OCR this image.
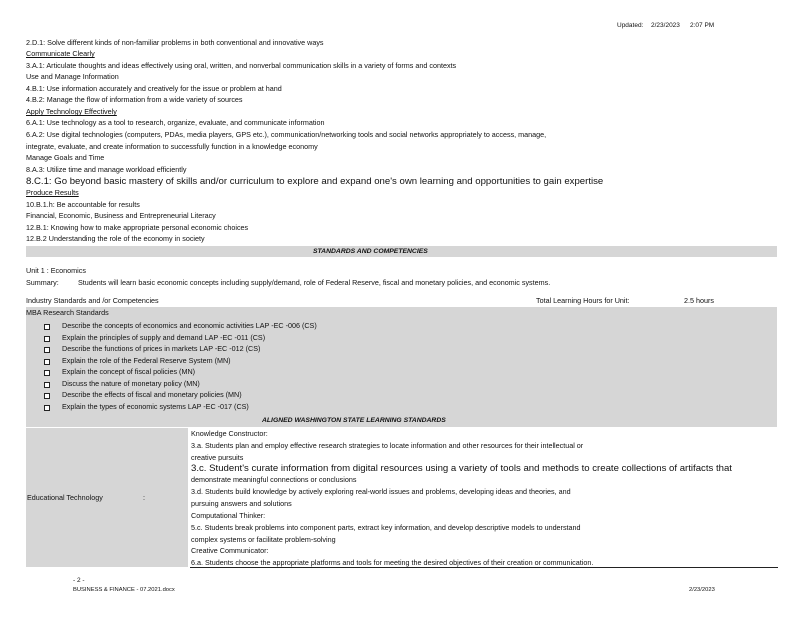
Updated: 2/23/2023 2:07 PM
2.D.1: Solve different kinds of non-familiar problems in both conventional and innovative ways
Communicate Clearly
3.A.1: Articulate thoughts and ideas effectively using oral, written, and nonverbal communication skills in a variety of forms and contexts
Use and Manage Information
4.B.1: Use information accurately and creatively for the issue or problem at hand
4.B.2: Manage the flow of information from a wide variety of sources
Apply Technology Effectively
6.A.1: Use technology as a tool to research, organize, evaluate, and communicate information
6.A.2: Use digital technologies (computers, PDAs, media players, GPS etc.), communication/networking tools and social networks appropriately to access, manage,
integrate, evaluate, and create information to successfully function in a knowledge economy
Manage Goals and Time
8.A.3: Utilize time and manage workload efficiently
8.C.1: Go beyond basic mastery of skills and/or curriculum to explore and expand one's own learning and opportunities to gain expertise
Produce Results
10.B.1.h: Be accountable for results
Financial, Economic, Business and Entrepreneurial Literacy
12.B.1: Knowing how to make appropriate personal economic choices
12.B.2 Understanding the role of the economy in society
STANDARDS AND COMPETENCIES
Unit 1 : Economics
Summary:	Students will learn basic economic concepts including supply/demand, role of Federal Reserve, fiscal and monetary policies, and economic systems.
Industry Standards and /or Competencies	Total Learning Hours for Unit:	2.5 hours
MBA Research Standards
Describe the concepts of economics and economic activities LAP -EC -006 (CS)
Explain the principles of supply and demand LAP -EC -011 (CS)
Describe the functions of prices in markets LAP -EC -012 (CS)
Explain the role of the Federal Reserve System (MN)
Explain the concept of fiscal policies (MN)
Discuss the nature of monetary policy (MN)
Describe the effects of fiscal and monetary policies (MN)
Explain the types of economic systems LAP -EC -017 (CS)
ALIGNED WASHINGTON STATE LEARNING STANDARDS
Educational Technology	:
Knowledge Constructor:
3.a. Students plan and employ effective research strategies to locate information and other resources for their intellectual or
creative pursuits
3.c. Student's curate information from digital resources using a variety of tools and methods to create collections of artifacts that
demonstrate meaningful connections or conclusions
3.d. Students build knowledge by actively exploring real-world issues and problems, developing ideas and theories, and
pursuing answers and solutions
Computational Thinker:
5.c. Students break problems into component parts, extract key information, and develop descriptive models to understand
complex systems or facilitate problem-solving
Creative Communicator:
6.a. Students choose the appropriate platforms and tools for meeting the desired objectives of their creation or communication.
- 2 -
BUSINESS & FINANCE - 07.2021.docx	2/23/2023
